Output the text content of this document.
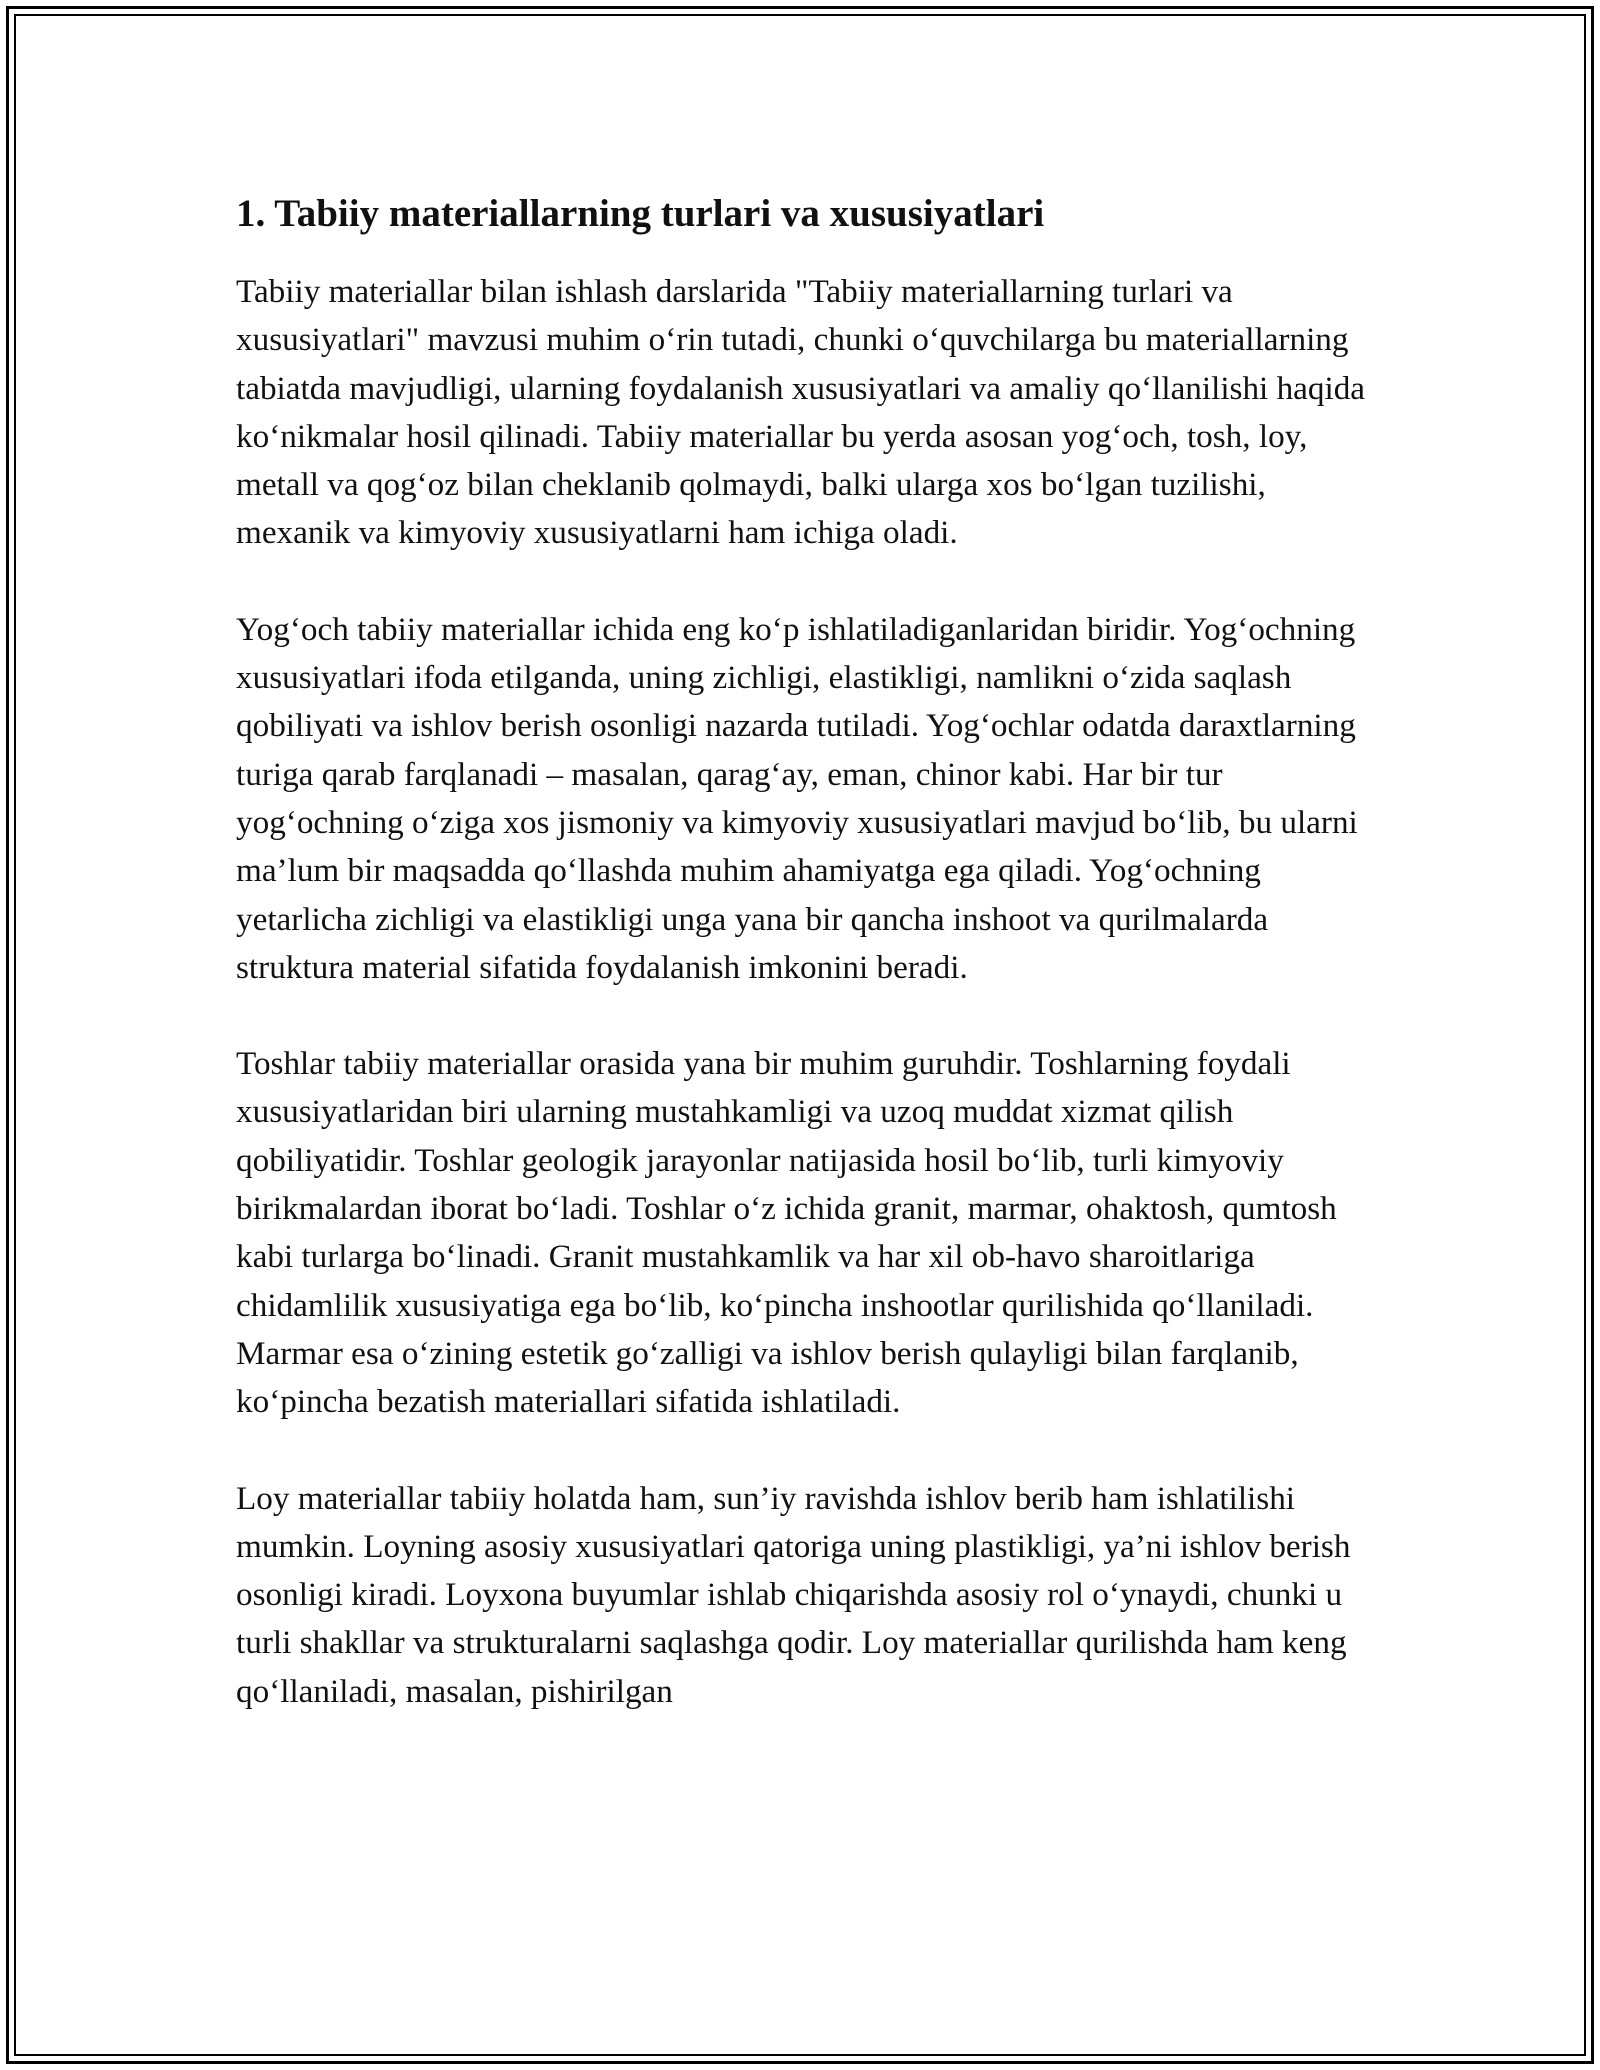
1. Tabiiy materiallarning turlari va xususiyatlari

Tabiiy materiallar bilan ishlash darslarida "Tabiiy materiallarning turlari va xususiyatlari" mavzusi muhim o‘rin tutadi, chunki o‘quvchilarga bu materiallarning tabiatda mavjudligi, ularning foydalanish xususiyatlari va amaliy qo‘llanilishi haqida ko‘nikmalar hosil qilinadi. Tabiiy materiallar bu yerda asosan yog‘och, tosh, loy, metall va qog‘oz bilan cheklanib qolmaydi, balki ularga xos bo‘lgan tuzilishi, mexanik va kimyoviy xususiyatlarni ham ichiga oladi.

Yog‘och tabiiy materiallar ichida eng ko‘p ishlatiladiganlaridan biridir. Yog‘ochning xususiyatlari ifoda etilganda, uning zichligi, elastikligi, namlikni o‘zida saqlash qobiliyati va ishlov berish osonligi nazarda tutiladi. Yog‘ochlar odatda daraxtlarning turiga qarab farqlanadi – masalan, qarag‘ay, eman, chinor kabi. Har bir tur yog‘ochning o‘ziga xos jismoniy va kimyoviy xususiyatlari mavjud bo‘lib, bu ularni ma’lum bir maqsadda qo‘llashda muhim ahamiyatga ega qiladi. Yog‘ochning yetarlicha zichligi va elastikligi unga yana bir qancha inshoot va qurilmalarda struktura material sifatida foydalanish imkonini beradi.

Toshlar tabiiy materiallar orasida yana bir muhim guruhdir. Toshlarning foydali xususiyatlaridan biri ularning mustahkamligi va uzoq muddat xizmat qilish qobiliyatidir. Toshlar geologik jarayonlar natijasida hosil bo‘lib, turli kimyoviy birikmalardan iborat bo‘ladi. Toshlar o‘z ichida granit, marmar, ohaktosh, qumtosh kabi turlarga bo‘linadi. Granit mustahkamlik va har xil ob-havo sharoitlariga chidamlilik xususiyatiga ega bo‘lib, ko‘pincha inshootlar qurilishida qo‘llaniladi. Marmar esa o‘zining estetik go‘zalligi va ishlov berish qulayligi bilan farqlanib, ko‘pincha bezatish materiallari sifatida ishlatiladi.

Loy materiallar tabiiy holatda ham, sun’iy ravishda ishlov berib ham ishlatilishi mumkin. Loyning asosiy xususiyatlari qatoriga uning plastikligi, ya’ni ishlov berish osonligi kiradi. Loyxona buyumlar ishlab chiqarishda asosiy rol o‘ynaydi, chunki u turli shakllar va strukturalarni saqlashga qodir. Loy materiallar qurilishda ham keng qo‘llaniladi, masalan, pishirilgan
